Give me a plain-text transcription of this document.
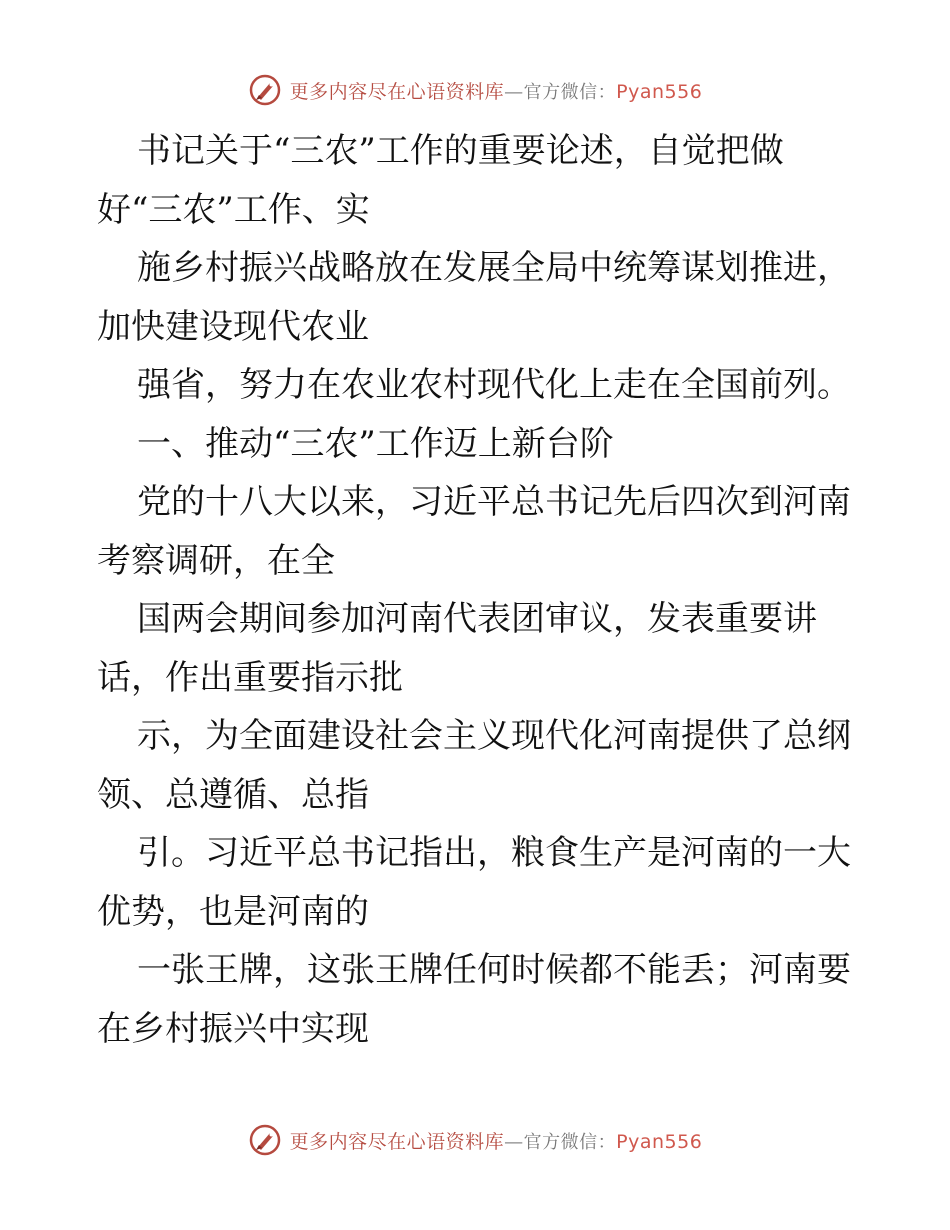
更多内容尽在心语资料库—官方微信：Pyan556
书记关于“三农”工作的重要论述，自觉把做
好“三农”工作、实
施乡村振兴战略放在发展全局中统筹谋划推进，
加快建设现代农业
强省，努力在农业农村现代化上走在全国前列。
一、推动“三农”工作迈上新台阶
党的十八大以来，习近平总书记先后四次到河南
考察调研，在全
国两会期间参加河南代表团审议，发表重要讲
话，作出重要指示批
示，为全面建设社会主义现代化河南提供了总纲
领、总遵循、总指
引。习近平总书记指出，粮食生产是河南的一大
优势，也是河南的
一张王牌，这张王牌任何时候都不能丢；河南要
在乡村振兴中实现
更多内容尽在心语资料库—官方微信：Pyan556
